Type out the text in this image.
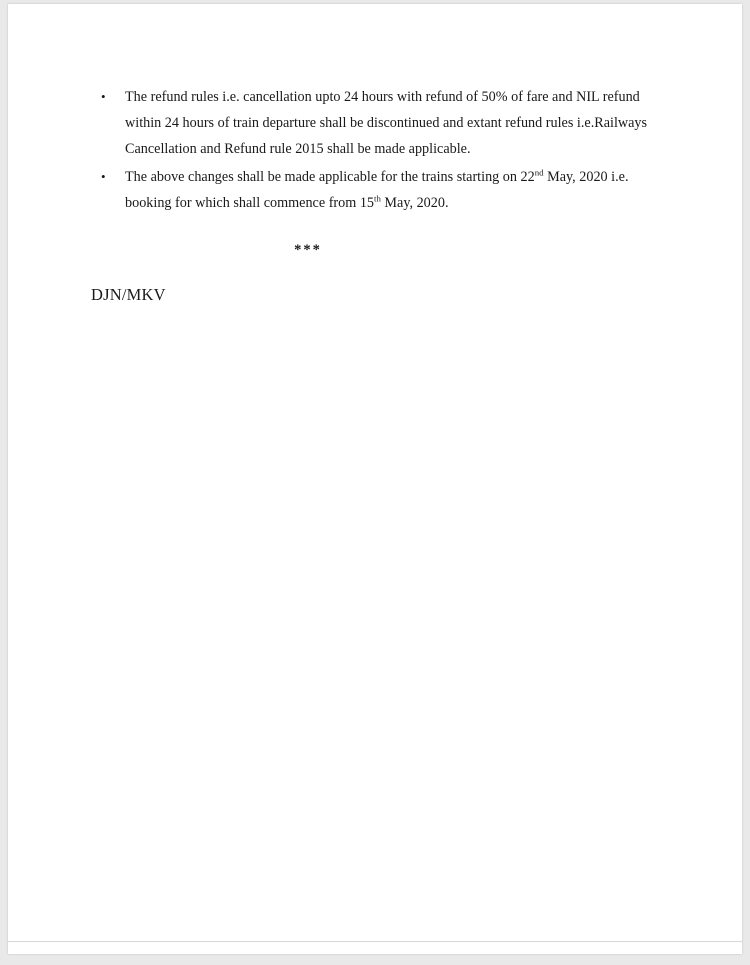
• The refund rules i.e. cancellation upto 24 hours with refund of 50% of fare and NIL refund within 24 hours of train departure shall be discontinued and extant refund rules i.e.Railways Cancellation and Refund rule 2015 shall be made applicable.
• The above changes shall be made applicable for the trains starting on 22nd May, 2020 i.e. booking for which shall commence from 15th May, 2020.
***
DJN/MKV
